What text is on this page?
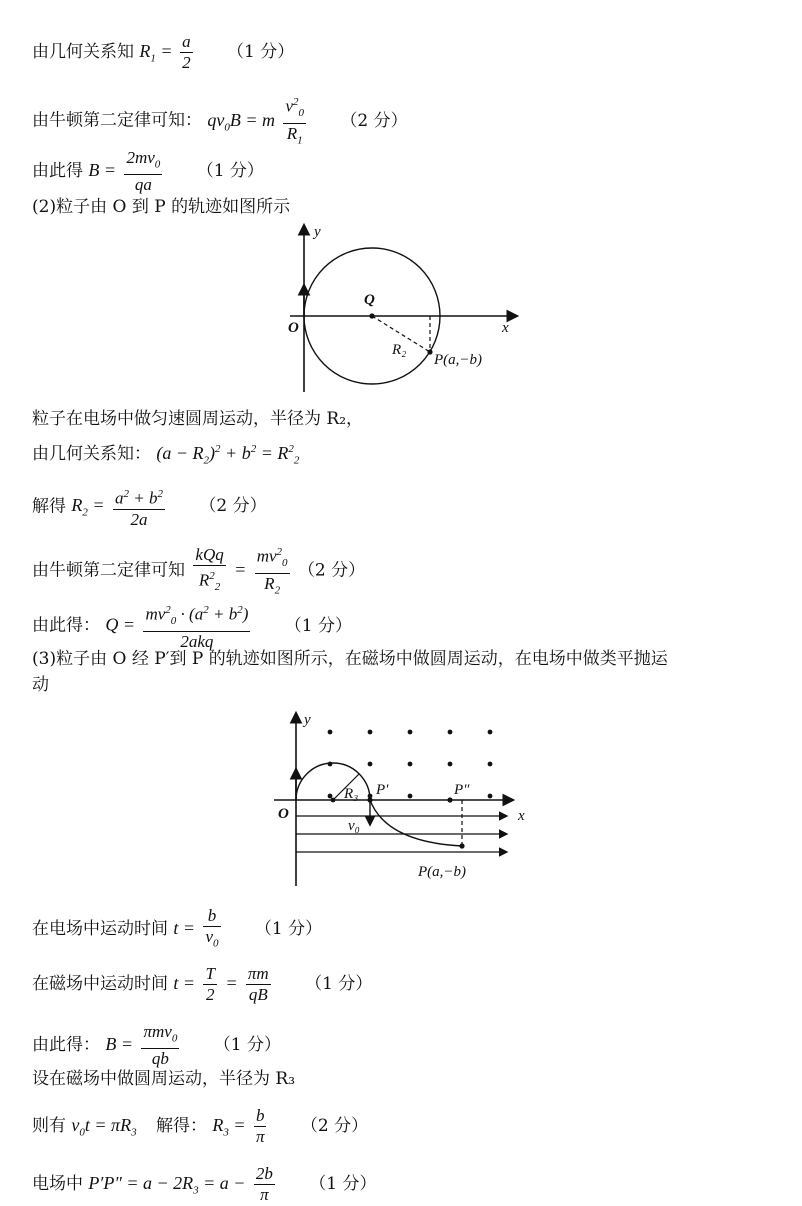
由几何关系知 $R_1 = \frac{a}{2} (1$ 分）
由牛顿第二定律可知： $qv_0B = m \frac{v^2_0}{R_1} (2$ 分）
由此得 $B = \frac{2mv_0}{qa} (1$ 分）
(2)粒子由 O 到 P 的轨迹如图所示
y
x
O
Q
R₂
P(a,−b)
粒子在电场中做匀速圆周运动，半径为 R₂，
由几何关系知： $(a - R_2)^2 + b^2 = R^2_2$
解得 $R_2 = \frac{a^2 + b^2}{2a} (2$ 分）
由牛顿第二定律可知 $\frac{\text{kQq}}{R^2_2} = \frac{mv^2_0}{R_2} (2$ 分）
由此得： $Q = \frac{mv^2_0 \cdot (a^2 + b^2)}{\text{2akq}} (1$ 分）
(3)粒子由 O 经 P′到 P 的轨迹如图所示，在磁场中做圆周运动，在电场中做类平抛运
动
y
x
O
R₃ P′	P″
v₀
P(a,−b)
在电场中运动时间 $t = \frac{b}{v_0} (1$ 分）
在磁场中运动时间 $t = \frac{T}{2} = \frac{\pi m}{qB} (1$ 分）
由此得： $B = \frac{\pi mv_0}{qb} (1$ 分）
设在磁场中做圆周运动，半径为 R₃
则有 $v_0t = \pi R_3$ 解得： $R_3 = \frac{b}{\pi} (2$ 分）
电场中 $P'P'' = a - 2R_3 = a - \frac{2b}{\pi} (1$ 分）
